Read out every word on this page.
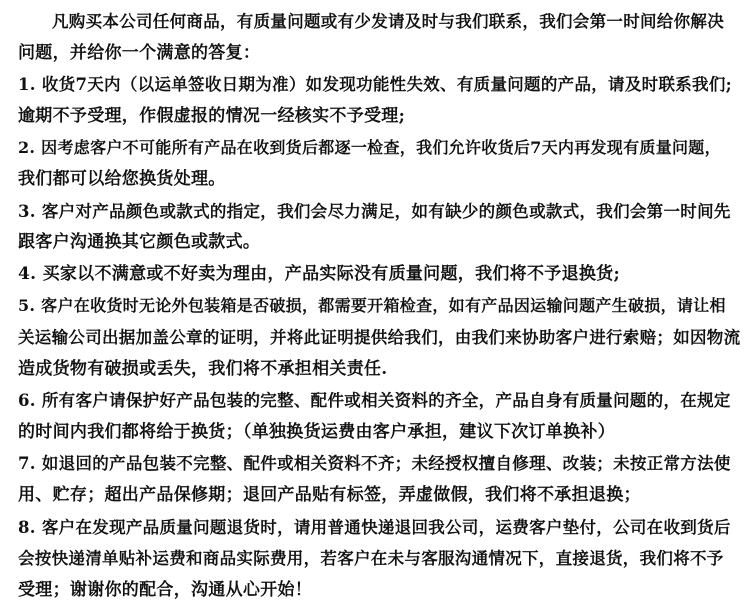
凡购买本公司任何商品，有质量问题或有少发请及时与我们联系，我们会第一时间给你解决
问题，并给你一个满意的答复：
1. 收货7天内（以运单签收日期为准）如发现功能性失效、有质量问题的产品，请及时联系我们;
逾期不予受理，作假虚报的情况一经核实不予受理;
2. 因考虑客户不可能所有产品在收到货后都逐一检查，我们允许收货后7天内再发现有质量问题，
我们都可以给您换货处理。
3. 客户对产品颜色或款式的指定，我们会尽力满足，如有缺少的颜色或款式，我们会第一时间先
跟客户沟通换其它颜色或款式。
4. 买家以不满意或不好卖为理由，产品实际没有质量问题，我们将不予退换货;
5. 客户在收货时无论外包装箱是否破损，都需要开箱检查，如有产品因运输问题产生破损，请让相
关运输公司出据加盖公章的证明，并将此证明提供给我们，由我们来协助客户进行索赔；如因物流
造成货物有破损或丢失，我们将不承担相关责任.
6. 所有客户请保护好产品包装的完整、配件或相关资料的齐全，产品自身有质量问题的，在规定
的时间内我们都将给于换货；（单独换货运费由客户承担，建议下次订单换补）
7. 如退回的产品包装不完整、配件或相关资料不齐；未经授权擅自修理、改装；未按正常方法使
用、贮存；超出产品保修期；退回产品贴有标签，弄虚做假，我们将不承担退换；
8. 客户在发现产品质量问题退货时，请用普通快递退回我公司，运费客户垫付，公司在收到货后
会按快递清单贴补运费和商品实际费用，若客户在未与客服沟通情况下，直接退货，我们将不予
受理；谢谢你的配合，沟通从心开始！
